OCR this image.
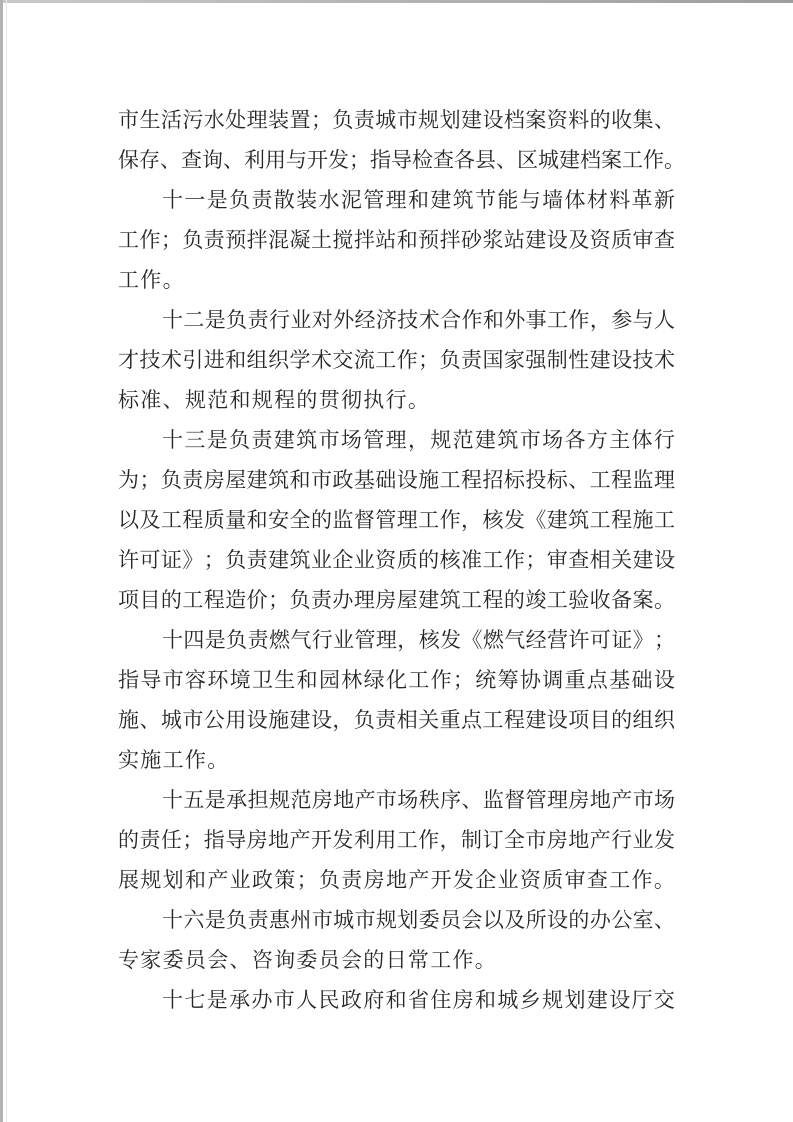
市 生 活 污 水 处 理 装 置 ； 负 责 城 市 规 划 建 设 档 案 资 料 的 收 集 、
保 存 、 查 询 、 利 用 与 开 发 ； 指 导 检 查 各 县 、 区 城 建 档 案 工 作 。
十 一 是 负 责 散 装 水 泥 管 理 和 建 筑 节 能 与 墙 体 材 料 革 新
工 作 ； 负 责 预 拌 混 凝 土 搅 拌 站 和 预 拌 砂 浆 站 建 设 及 资 质 审 查
工作。
十 二 是 负 责 行 业 对 外 经 济 技 术 合 作 和 外 事 工 作 ， 参 与 人
才 技 术 引 进 和 组 织 学 术 交 流 工 作 ； 负 责 国 家 强 制 性 建 设 技 术
标准、规范和规程的贯彻执行。
十 三 是 负 责 建 筑 市 场 管 理 ， 规 范 建 筑 市 场 各 方 主 体 行
为 ； 负 责 房 屋 建 筑 和 市 政 基 础 设 施 工 程 招 标 投 标 、 工 程 监 理
以 及 工 程 质 量 和 安 全 的 监 督 管 理 工 作 ， 核 发 《 建 筑 工 程 施 工
许 可 证 》 ； 负 责 建 筑 业 企 业 资 质 的 核 准 工 作 ； 审 查 相 关 建 设
项 目 的 工 程 造 价 ； 负 责 办 理 房 屋 建 筑 工 程 的 竣 工 验 收 备 案 。
十 四 是 负 责 燃 气 行 业 管 理 ， 核 发 《 燃 气 经 营 许 可 证 》 ；
指 导 市 容 环 境 卫 生 和 园 林 绿 化 工 作 ； 统 筹 协 调 重 点 基 础 设
施 、 城 市 公 用 设 施 建 设 ， 负 责 相 关 重 点 工 程 建 设 项 目 的 组 织
实施工作。
十 五 是 承 担 规 范 房 地 产 市 场 秩 序 、 监 督 管 理 房 地 产 市 场
的 责 任 ； 指 导 房 地 产 开 发 利 用 工 作 ， 制 订 全 市 房 地 产 行 业 发
展 规 划 和 产 业 政 策 ； 负 责 房 地 产 开 发 企 业 资 质 审 查 工 作 。
十 六 是 负 责 惠 州 市 城 市 规 划 委 员 会 以 及 所 设 的 办 公 室 、
专家委员会、咨询委员会的日常工作。
十 七 是 承 办 市 人 民 政 府 和 省 住 房 和 城 乡 规 划 建 设 厅 交
